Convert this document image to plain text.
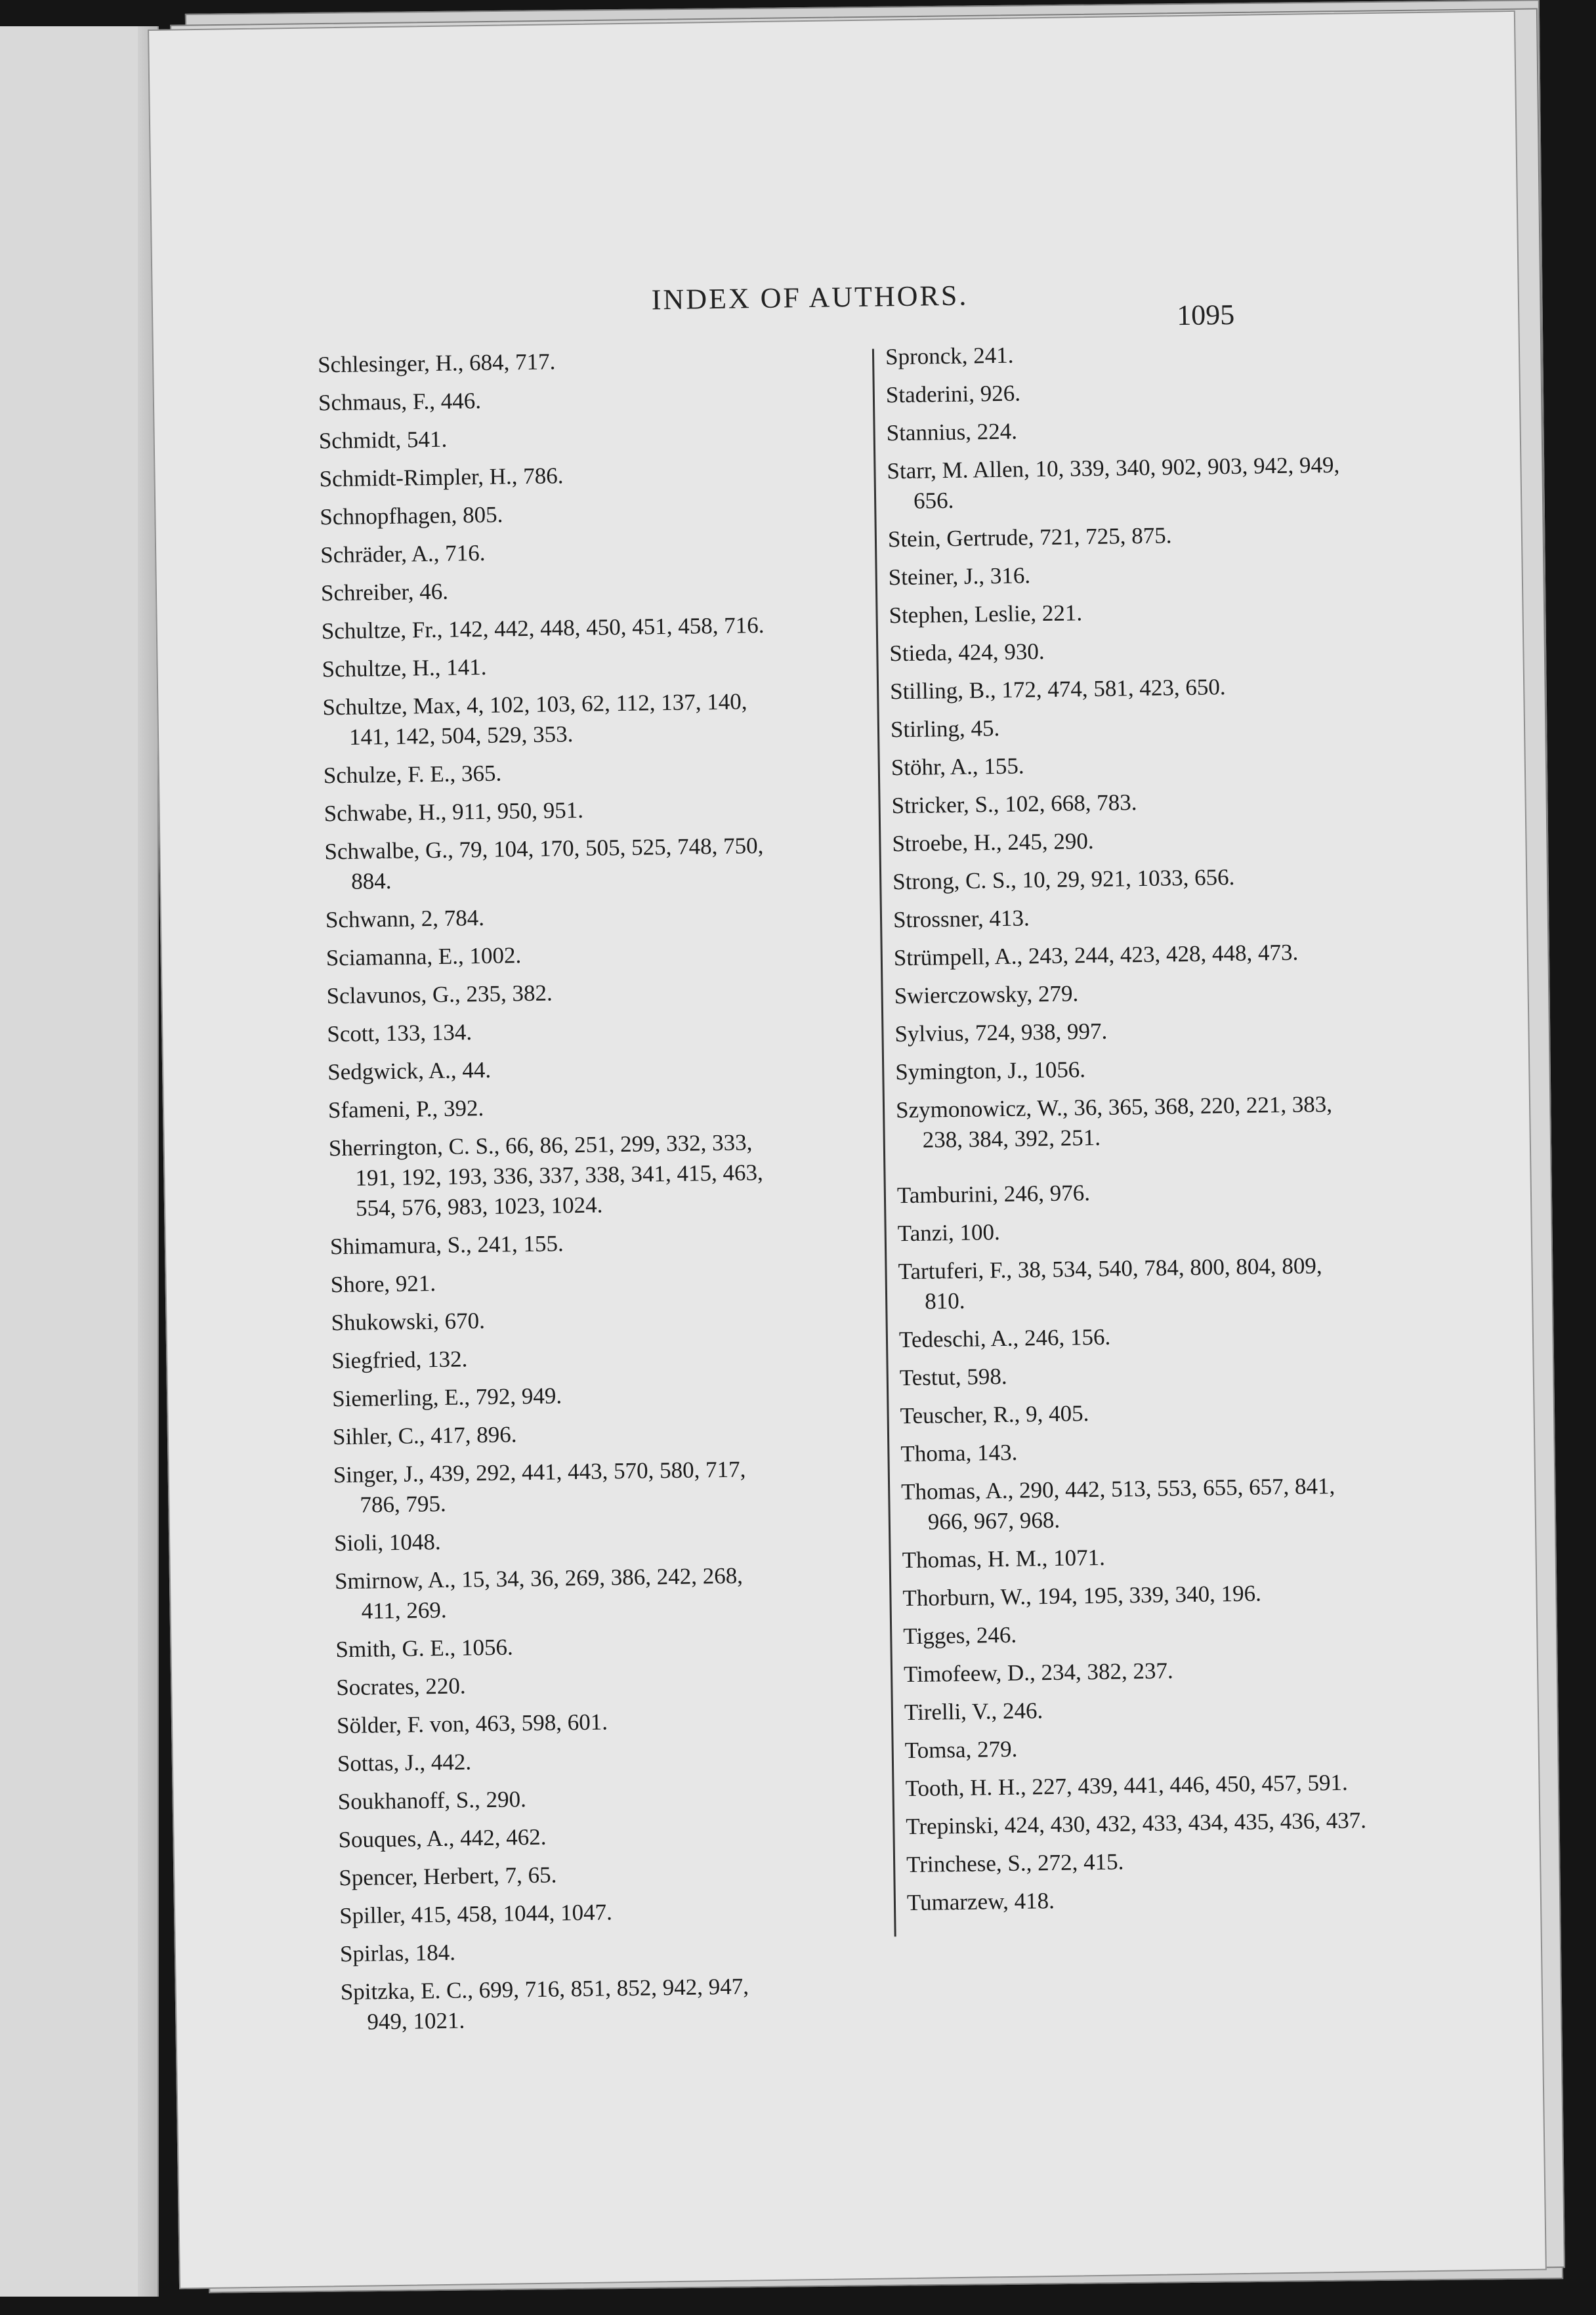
INDEX OF AUTHORS.	1095

Schlesinger, H., 684, 717.

Schmaus, F., 446.

Schmidt, 541.

Schmidt-Rimpler, H., 786.

Schnopfhagen, 805.

Schräder, A., 716.

Schreiber, 46.

Schultze, Fr., 142, 442, 448, 450, 451, 458, 716.

Schultze, H., 141.

Schultze, Max, 4, 102, 103, 62, 112, 137, 140, 141, 142, 504, 529, 353.

Schulze, F. E., 365.

Schwabe, H., 911, 950, 951.

Schwalbe, G., 79, 104, 170, 505, 525, 748, 750, 884.

Schwann, 2, 784.

Sciamanna, E., 1002.

Sclavunos, G., 235, 382.

Scott, 133, 134.

Sedgwick, A., 44.

Sfameni, P., 392.

Sherrington, C. S., 66, 86, 251, 299, 332, 333, 191, 192, 193, 336, 337, 338, 341, 415, 463, 554, 576, 983, 1023, 1024.

Shimamura, S., 241, 155.

Shore, 921.

Shukowski, 670.

Siegfried, 132.

Siemerling, E., 792, 949.

Sihler, C., 417, 896.

Singer, J., 439, 292, 441, 443, 570, 580, 717, 786, 795.

Sioli, 1048.

Smirnow, A., 15, 34, 36, 269, 386, 242, 268, 411, 269.

Smith, G. E., 1056.

Socrates, 220.

Sölder, F. von, 463, 598, 601.

Sottas, J., 442.

Soukhanoff, S., 290.

Souques, A., 442, 462.

Spencer, Herbert, 7, 65.

Spiller, 415, 458, 1044, 1047.

Spirlas, 184.

Spitzka, E. C., 699, 716, 851, 852, 942, 947, 949, 1021.

Spronck, 241.

Staderini, 926.

Stannius, 224.

Starr, M. Allen, 10, 339, 340, 902, 903, 942, 949, 656.

Stein, Gertrude, 721, 725, 875.

Steiner, J., 316.

Stephen, Leslie, 221.

Stieda, 424, 930.

Stilling, B., 172, 474, 581, 423, 650.

Stirling, 45.

Stöhr, A., 155.

Stricker, S., 102, 668, 783.

Stroebe, H., 245, 290.

Strong, C. S., 10, 29, 921, 1033, 656.

Strossner, 413.

Strümpell, A., 243, 244, 423, 428, 448, 473.

Swierczowsky, 279.

Sylvius, 724, 938, 997.

Symington, J., 1056.

Szymonowicz, W., 36, 365, 368, 220, 221, 383, 238, 384, 392, 251.

Tamburini, 246, 976.

Tanzi, 100.

Tartuferi, F., 38, 534, 540, 784, 800, 804, 809, 810.

Tedeschi, A., 246, 156.

Testut, 598.

Teuscher, R., 9, 405.

Thoma, 143.

Thomas, A., 290, 442, 513, 553, 655, 657, 841, 966, 967, 968.

Thomas, H. M., 1071.

Thorburn, W., 194, 195, 339, 340, 196.

Tigges, 246.

Timofeew, D., 234, 382, 237.

Tirelli, V., 246.

Tomsa, 279.

Tooth, H. H., 227, 439, 441, 446, 450, 457, 591.

Trepinski, 424, 430, 432, 433, 434, 435, 436, 437.

Trinchese, S., 272, 415.

Tumarzew, 418.
